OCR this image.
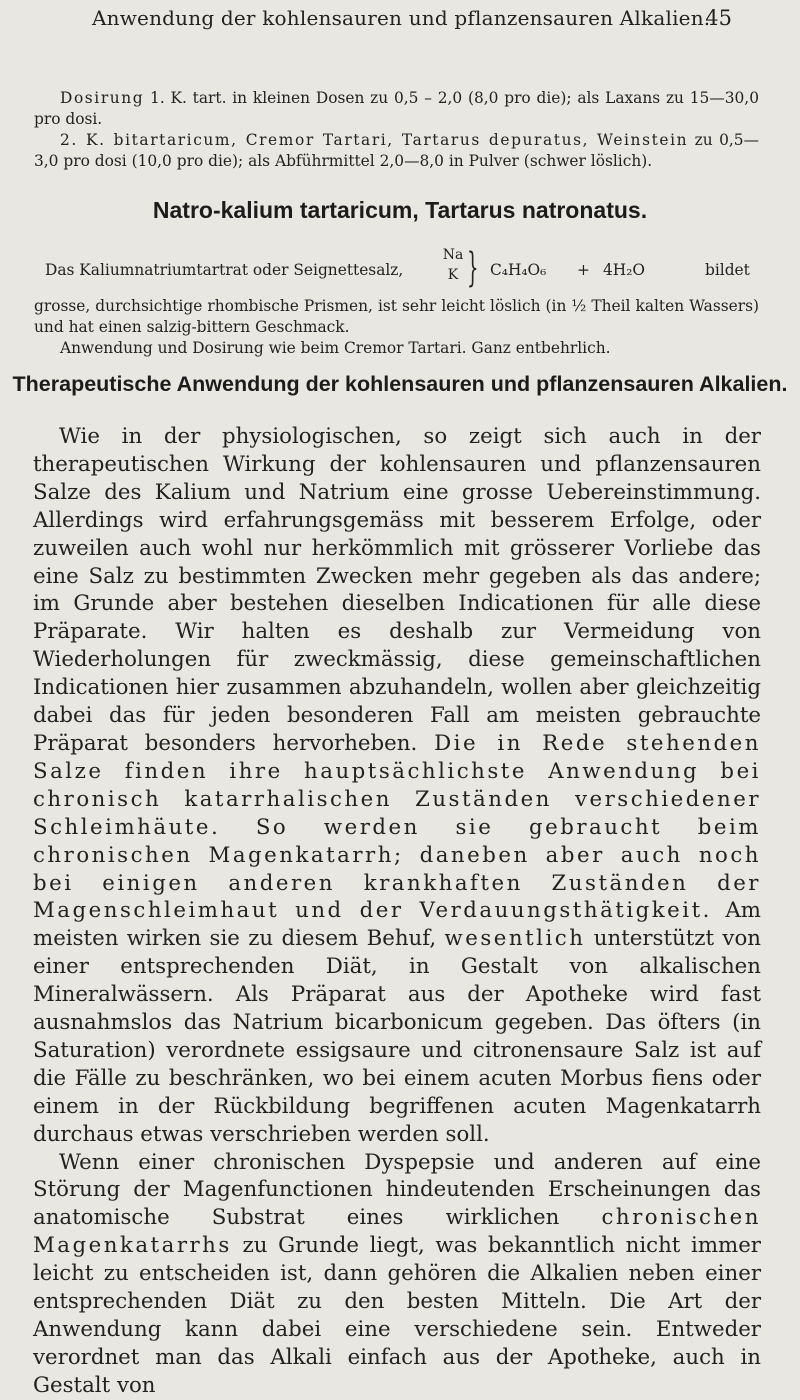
Anwendung der kohlensauren und pflanzensauren Alkalien.
45

Dosirung 1. K. tart. in kleinen Dosen zu 0,5 – 2,0 (8,0 pro die); als Laxans zu 15—30,0 pro dosi.

2. K. bitartaricum, Cremor Tartari, Tartarus depuratus, Weinstein zu 0,5—3,0 pro dosi (10,0 pro die); als Abführmittel 2,0—8,0 in Pulver (schwer löslich).

Natro-kalium tartaricum, Tartarus natronatus.
Das Kaliumnatriumtartrat oder Seignettesalz,
Na
K } C₄H₄O₆ + 4H₂O	bildet

grosse, durchsichtige rhombische Prismen, ist sehr leicht löslich (in ½ Theil kalten Wassers) und hat einen salzig-bittern Geschmack.

Anwendung und Dosirung wie beim Cremor Tartari. Ganz entbehrlich.

Therapeutische Anwendung der kohlensauren und pflanzensauren Alkalien.

Wie in der physiologischen, so zeigt sich auch in der therapeutischen Wirkung der kohlensauren und pflanzensauren Salze des Kalium und Natrium eine grosse Uebereinstimmung. Allerdings wird erfahrungsgemäss mit besserem Erfolge, oder zuweilen auch wohl nur herkömmlich mit grösserer Vorliebe das eine Salz zu bestimmten Zwecken mehr gegeben als das andere; im Grunde aber bestehen dieselben Indicationen für alle diese Präparate. Wir halten es deshalb zur Vermeidung von Wiederholungen für zweckmässig, diese gemeinschaftlichen Indicationen hier zusammen abzuhandeln, wollen aber gleichzeitig dabei das für jeden besonderen Fall am meisten gebrauchte Präparat besonders hervorheben. Die in Rede stehenden Salze finden ihre hauptsächlichste Anwendung bei chronisch katarrhalischen Zuständen verschiedener Schleimhäute. So werden sie gebraucht beim chronischen Magenkatarrh; daneben aber auch noch bei einigen anderen krankhaften Zuständen der Magenschleimhaut und der Verdauungsthätigkeit. Am meisten wirken sie zu diesem Behuf, wesentlich unterstützt von einer entsprechenden Diät, in Gestalt von alkalischen Mineralwässern. Als Präparat aus der Apotheke wird fast ausnahmslos das Natrium bicarbonicum gegeben. Das öfters (in Saturation) verordnete essigsaure und citronensaure Salz ist auf die Fälle zu beschränken, wo bei einem acuten Morbus fiens oder einem in der Rückbildung begriffenen acuten Magenkatarrh durchaus etwas verschrieben werden soll.

Wenn einer chronischen Dyspepsie und anderen auf eine Störung der Magenfunctionen hindeutenden Erscheinungen das anatomische Substrat eines wirklichen chronischen Magenkatarrhs zu Grunde liegt, was bekanntlich nicht immer leicht zu entscheiden ist, dann gehören die Alkalien neben einer entsprechenden Diät zu den besten Mitteln. Die Art der Anwendung kann dabei eine verschiedene sein. Entweder verordnet man das Alkali einfach aus der Apotheke, auch in Gestalt von
